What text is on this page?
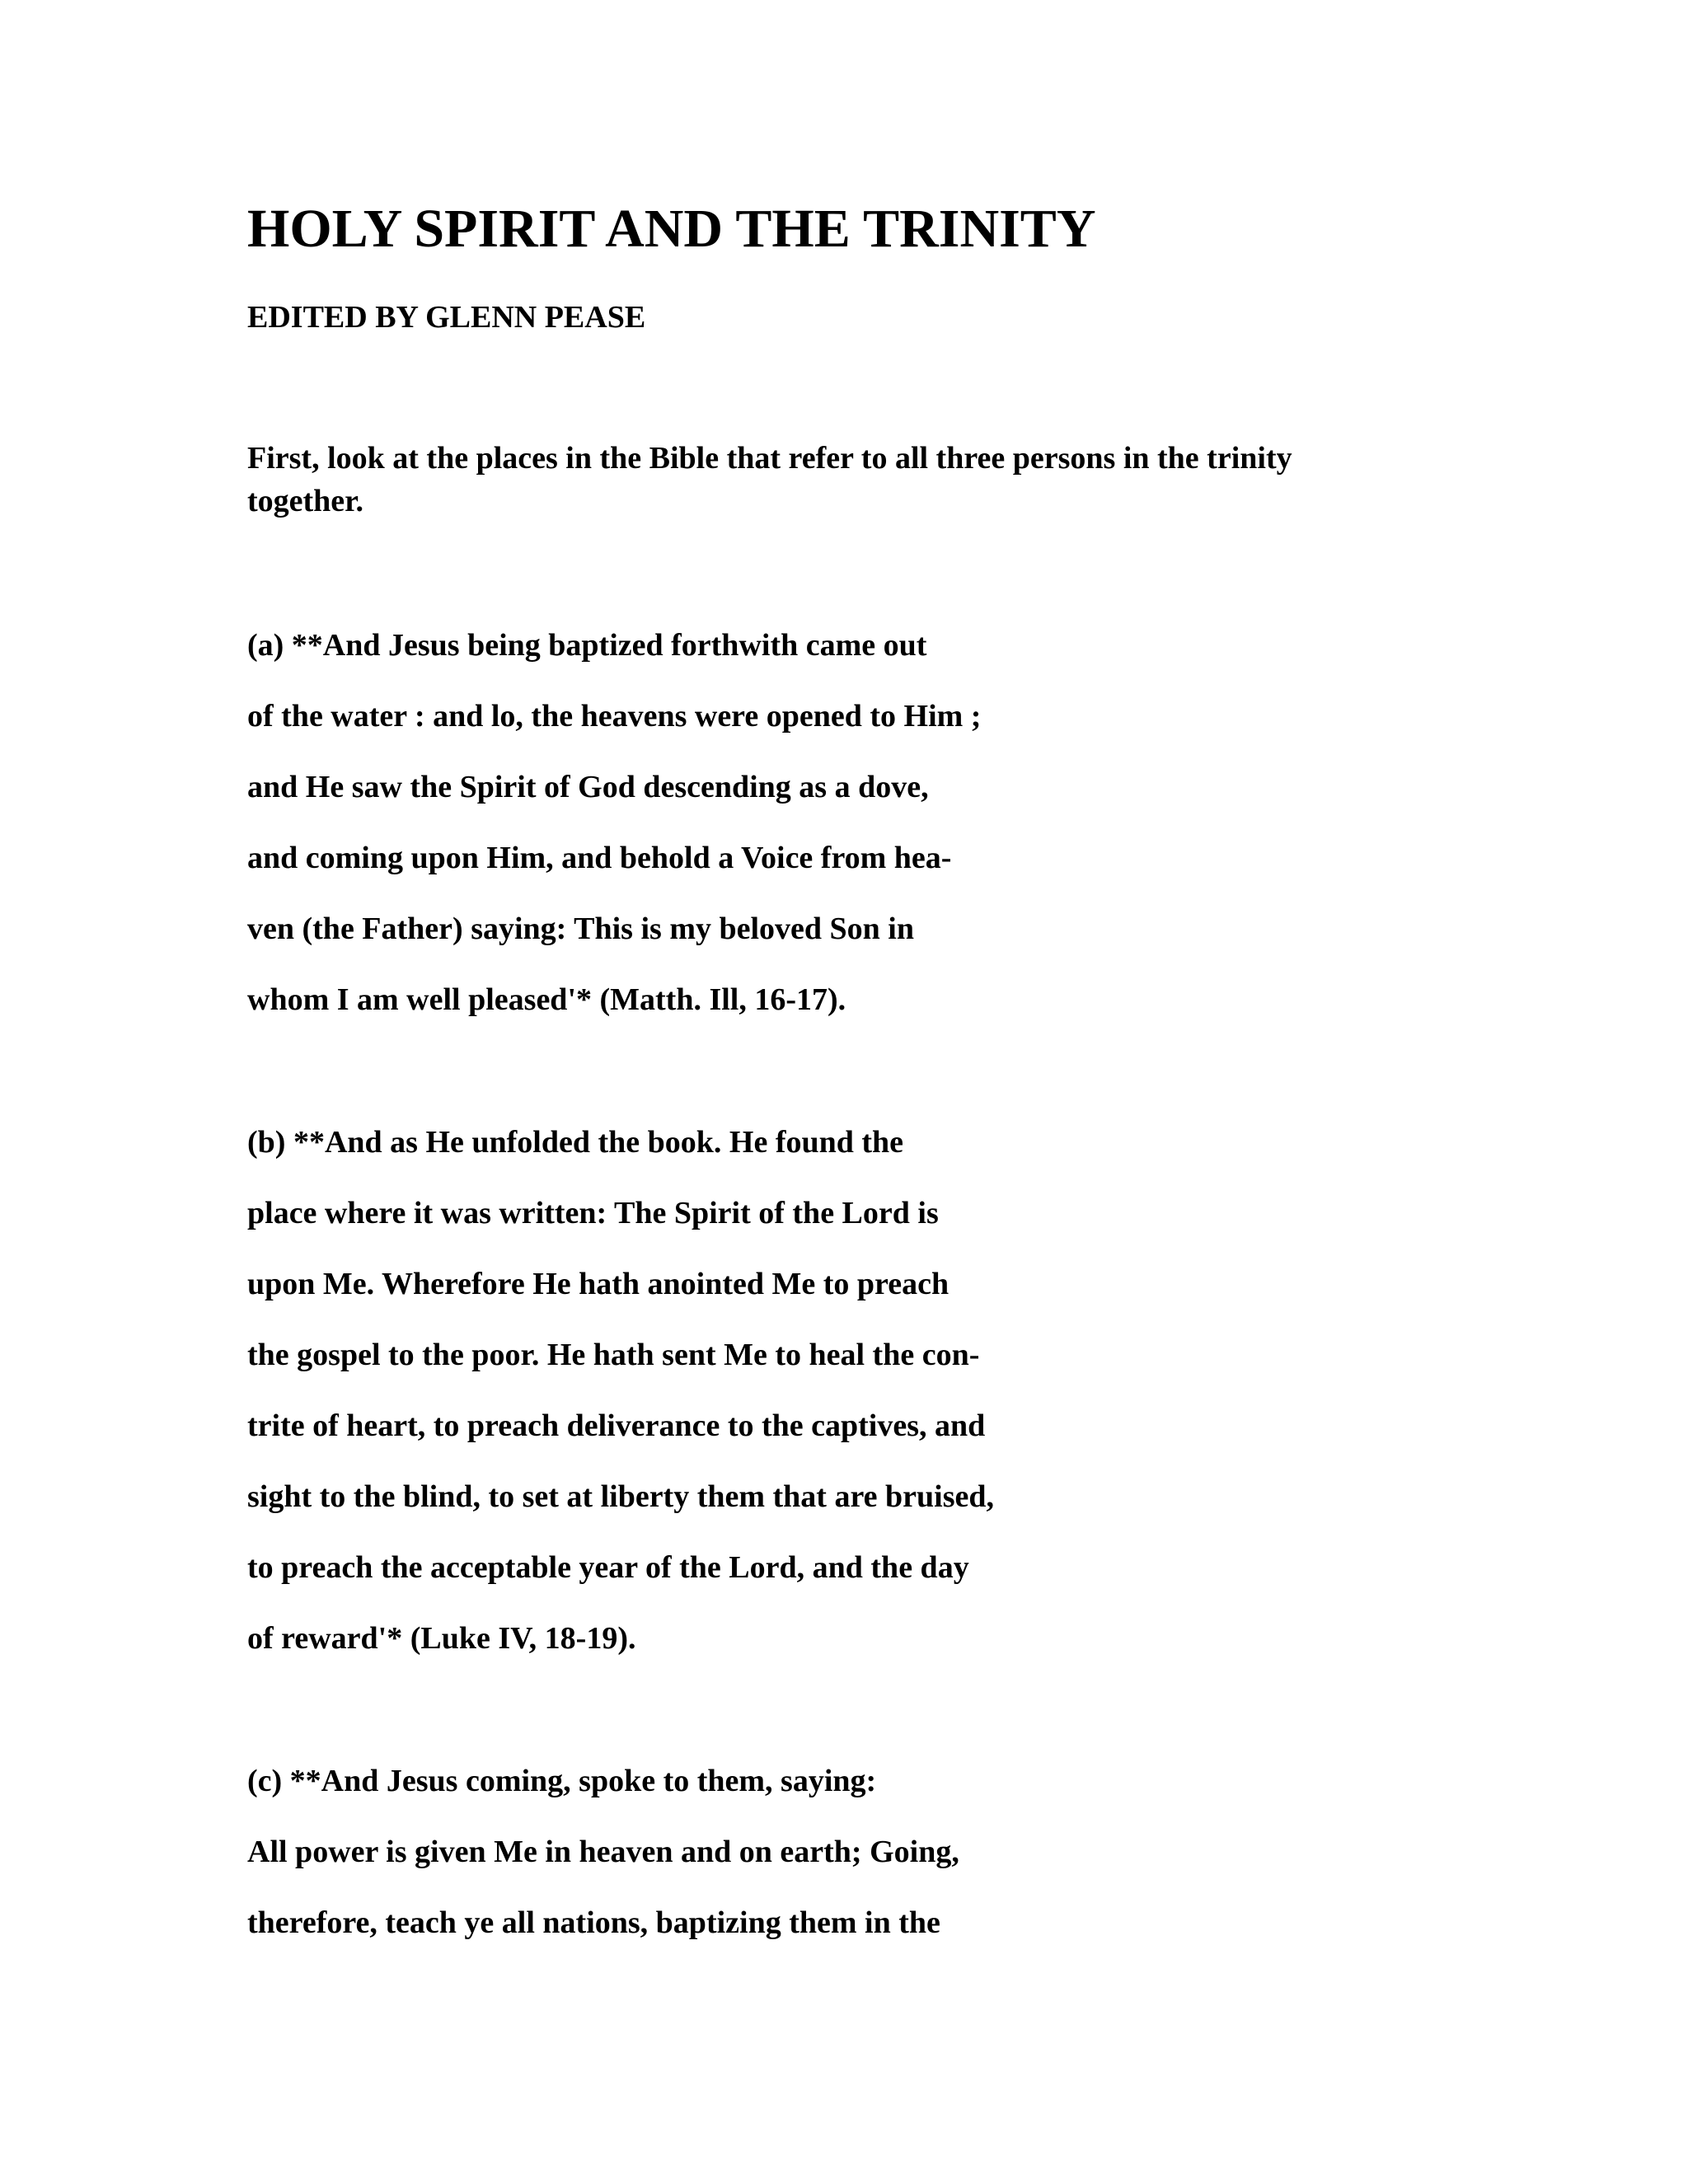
HOLY SPIRIT AND THE TRINITY
EDITED BY GLENN PEASE
First, look at the places in the Bible that refer to all three persons in the trinity
together.
(a) **And Jesus being baptized forthwith came out
of the water : and lo, the heavens were opened to Him ;
and He saw the Spirit of God descending as a dove,
and coming upon Him, and behold a Voice from hea-
ven (the Father) saying: This is my beloved Son in
whom I am well pleased'* (Matth. Ill, 16-17).
(b) **And as He unfolded the book. He found the
place where it was written: The Spirit of the Lord is
upon Me. Wherefore He hath anointed Me to preach
the gospel to the poor. He hath sent Me to heal the con-
trite of heart, to preach deliverance to the captives, and
sight to the blind, to set at liberty them that are bruised,
to preach the acceptable year of the Lord, and the day
of reward'* (Luke IV, 18-19).
(c) **And Jesus coming, spoke to them, saying:
All power is given Me in heaven and on earth; Going,
therefore, teach ye all nations, baptizing them in the
